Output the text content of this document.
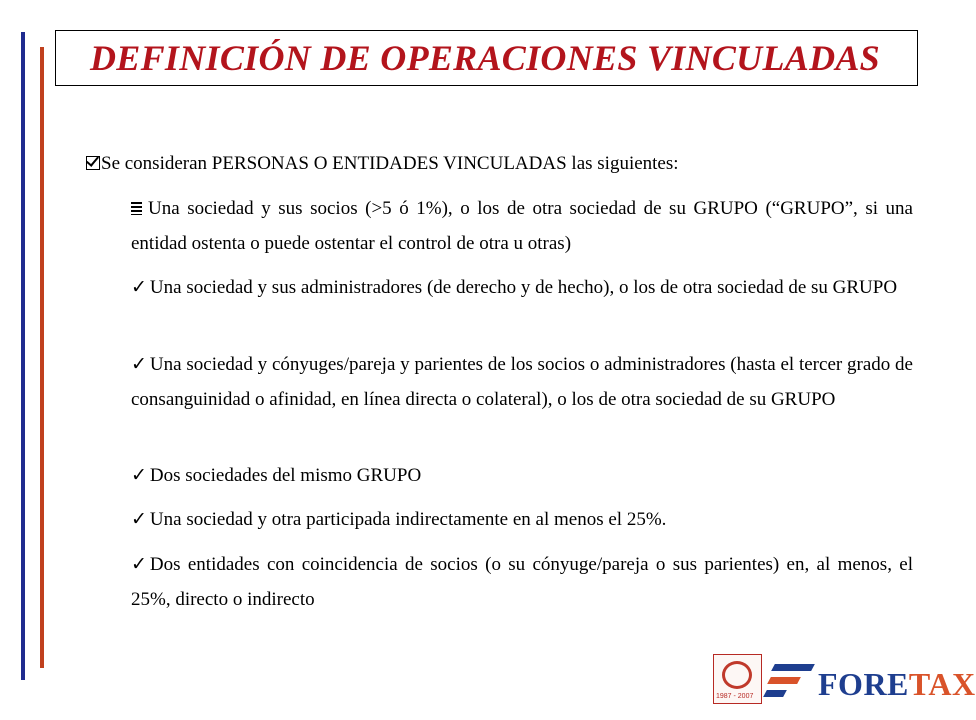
DEFINICIÓN DE OPERACIONES VINCULADAS
Se consideran PERSONAS O ENTIDADES VINCULADAS las siguientes:
Una sociedad y sus socios (>5 ó 1%), o los de otra sociedad de su GRUPO (“GRUPO”, si una entidad ostenta o puede ostentar el control de otra u otras)
✓ Una sociedad y sus administradores (de derecho y de hecho), o los de otra sociedad de su GRUPO
✓ Una sociedad y cónyuges/pareja y parientes de los socios o administradores (hasta el tercer grado de consanguinidad o afinidad, en línea directa o colateral), o los de otra sociedad de su GRUPO
✓ Dos sociedades del mismo GRUPO
✓ Una sociedad y otra participada indirectamente en al menos el 25%.
✓ Dos entidades con coincidencia de socios (o su cónyuge/pareja o sus parientes) en, al menos, el 25%, directo o indirecto
1987 - 2007 FORETAX
